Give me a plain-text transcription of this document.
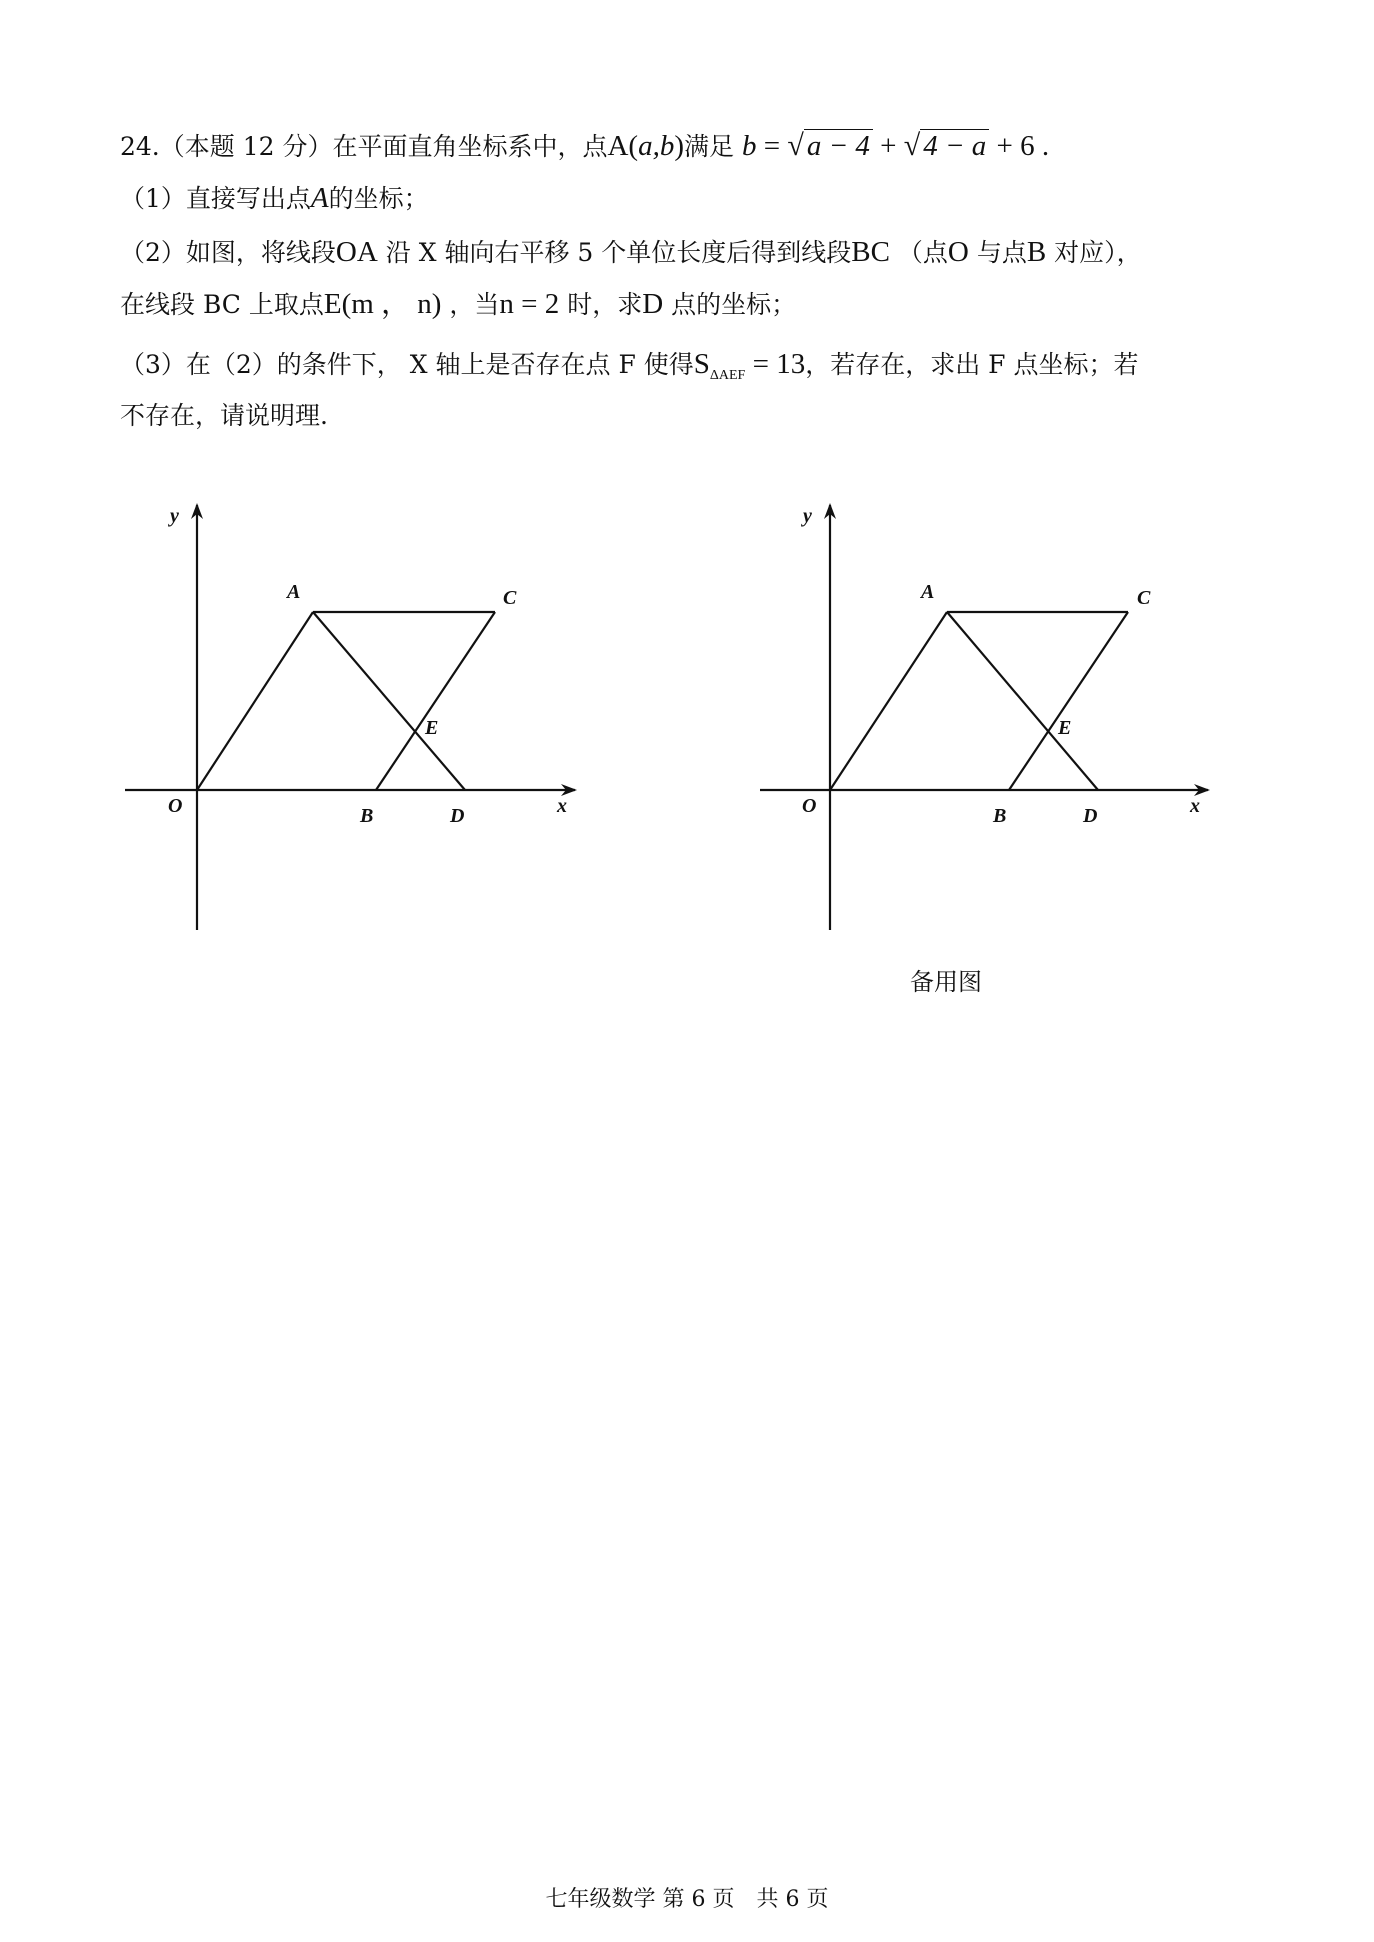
24.（本题 12 分）在平面直角坐标系中，点A(a,b)满足 b = √ a − 4 + √ 4 − a + 6 .
（1）直接写出点A的坐标；
（2）如图，将线段OA 沿 X 轴向右平移 5 个单位长度后得到线段BC （点O 与点B 对应），
在线段 BC 上取点E(m ， n) ，当n = 2 时，求D 点的坐标；
（3）在（2）的条件下， X 轴上是否存在点 F 使得$S_{\Delta AEF} = 13$，若存在，求出 F 点坐标；若
不存在，请说明理.
y
x
O
A	C
E
B	D
y
x
O
A	C
E
B	D
备用图
七年级数学 第 6 页　共 6 页
